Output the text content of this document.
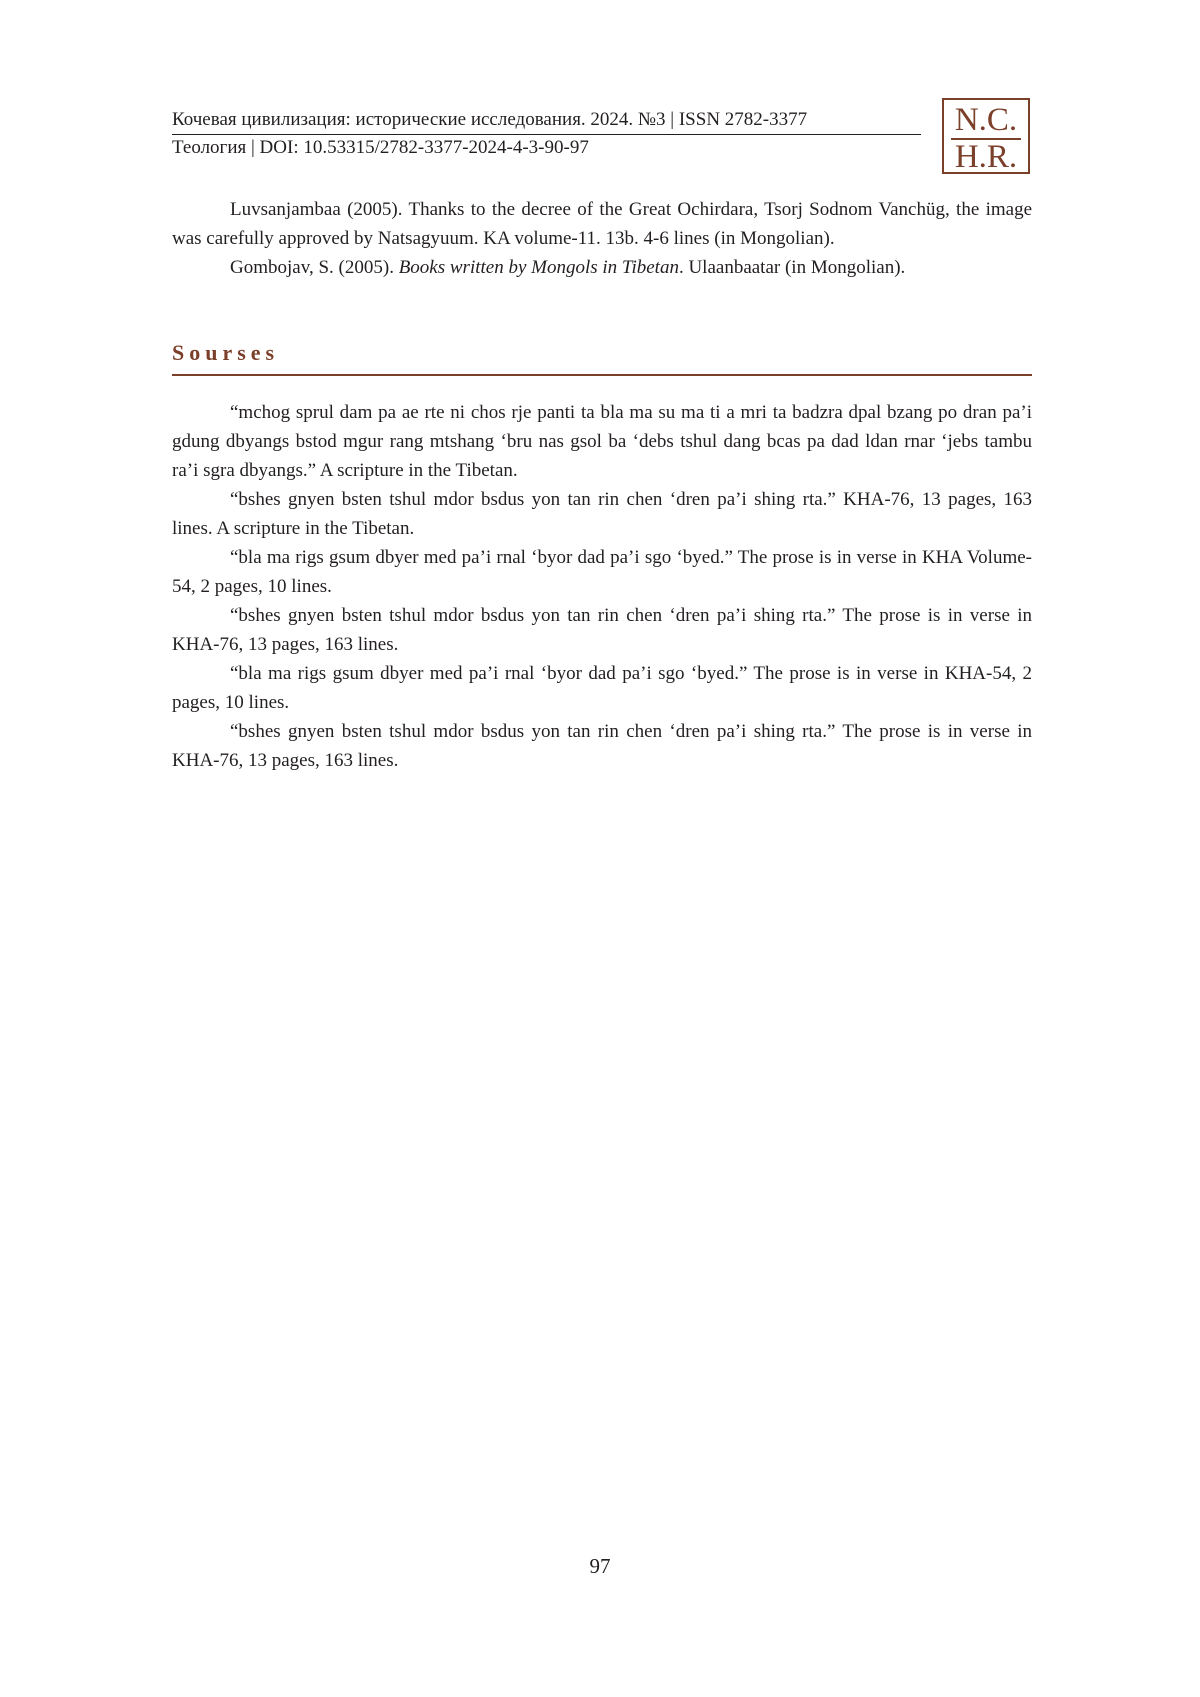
Кочевая цивилизация: исторические исследования. 2024. №3 | ISSN 2782-3377
Теология | DOI: 10.53315/2782-3377-2024-4-3-90-97
N.C.
H.R.

Luvsanjambaa (2005). Thanks to the decree of the Great Ochirdara, Tsorj Sodnom Vanchüg, the image was carefully approved by Natsagyuum. KA volume-11. 13b. 4-6 lines (in Mongolian).

Gombojav, S. (2005). Books written by Mongols in Tibetan. Ulaanbaatar (in Mongolian).

Sourses

“mchog sprul dam pa ae rte ni chos rje panti ta bla ma su ma ti a mri ta badzra dpal bzang po dran pa’i gdung dbyangs bstod mgur rang mtshang ‘bru nas gsol ba ‘debs tshul dang bcas pa dad ldan rnar ‘jebs tambu ra’i sgra dbyangs.” A scripture in the Tibetan.

“bshes gnyen bsten tshul mdor bsdus yon tan rin chen ‘dren pa’i shing rta.” KHA-76, 13 pages, 163 lines. A scripture in the Tibetan.

“bla ma rigs gsum dbyer med pa’i rnal ‘byor dad pa’i sgo ‘byed.” The prose is in verse in KHA Volume-54, 2 pages, 10 lines.

“bshes gnyen bsten tshul mdor bsdus yon tan rin chen ‘dren pa’i shing rta.” The prose is in verse in KHA-76, 13 pages, 163 lines.

“bla ma rigs gsum dbyer med pa’i rnal ‘byor dad pa’i sgo ‘byed.” The prose is in verse in KHA-54, 2 pages, 10 lines.

“bshes gnyen bsten tshul mdor bsdus yon tan rin chen ‘dren pa’i shing rta.” The prose is in verse in KHA-76, 13 pages, 163 lines.

97
